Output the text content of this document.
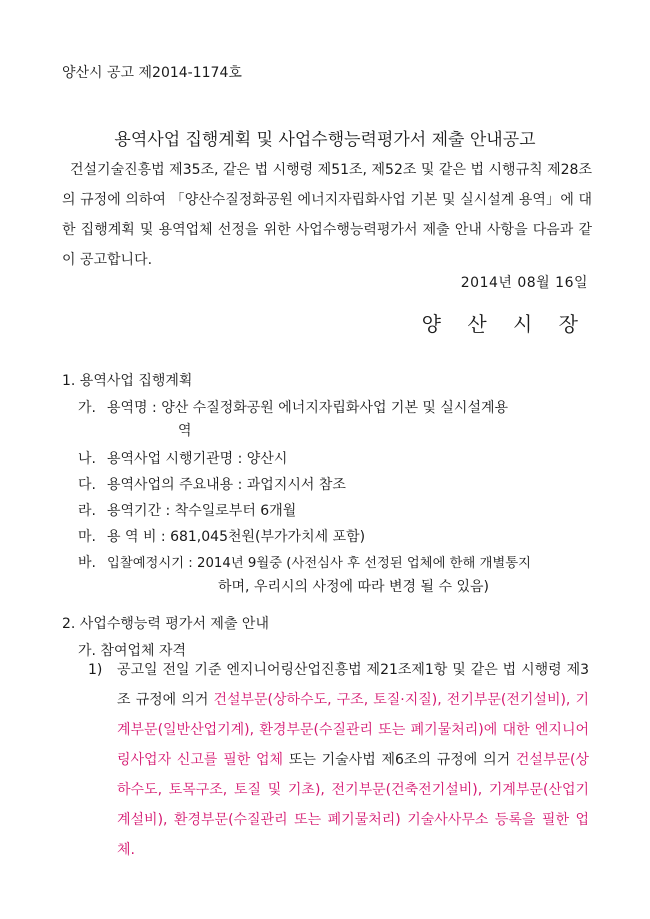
양산시 공고 제2014-1174호
용역사업 집행계획 및 사업수행능력평가서 제출 안내공고
건설기술진흥법 제35조, 같은 법 시행령 제51조, 제52조 및 같은 법 시행규칙 제28조의 규정에 의하여 「양산수질정화공원 에너지자립화사업 기본 및 실시설계 용역」에 대한 집행계획 및 용역업체 선정을 위한 사업수행능력평가서 제출 안내 사항을 다음과 같이 공고합니다.
2014년 08월 16일
양 산 시 장
1. 용역사업 집행계획
가. 용역명 : 양산 수질정화공원 에너지자립화사업 기본 및 실시설계용
역
나. 용역사업 시행기관명 : 양산시
다. 용역사업의 주요내용 : 과업지시서 참조
라. 용역기간 : 착수일로부터 6개월
마. 용 역 비 : 681,045천원(부가가치세 포함)
바. 입찰예정시기 : 2014년 9월중 (사전심사 후 선정된 업체에 한해 개별통지
하며, 우리시의 사정에 따라 변경 될 수 있음)
2. 사업수행능력 평가서 제출 안내
가. 참여업체 자격
1) 공고일 전일 기준 엔지니어링산업진흥법 제21조제1항 및 같은 법 시행령 제3조 규정에 의거 건설부문(상하수도, 구조, 토질·지질), 전기부문(전기설비), 기계부문(일반산업기계), 환경부문(수질관리 또는 폐기물처리)에 대한 엔지니어링사업자 신고를 필한 업체 또는 기술사법 제6조의 규정에 의거 건설부문(상하수도, 토목구조, 토질 및 기초), 전기부문(건축전기설비), 기계부문(산업기계설비), 환경부문(수질관리 또는 폐기물처리) 기술사사무소 등록을 필한 업체.
